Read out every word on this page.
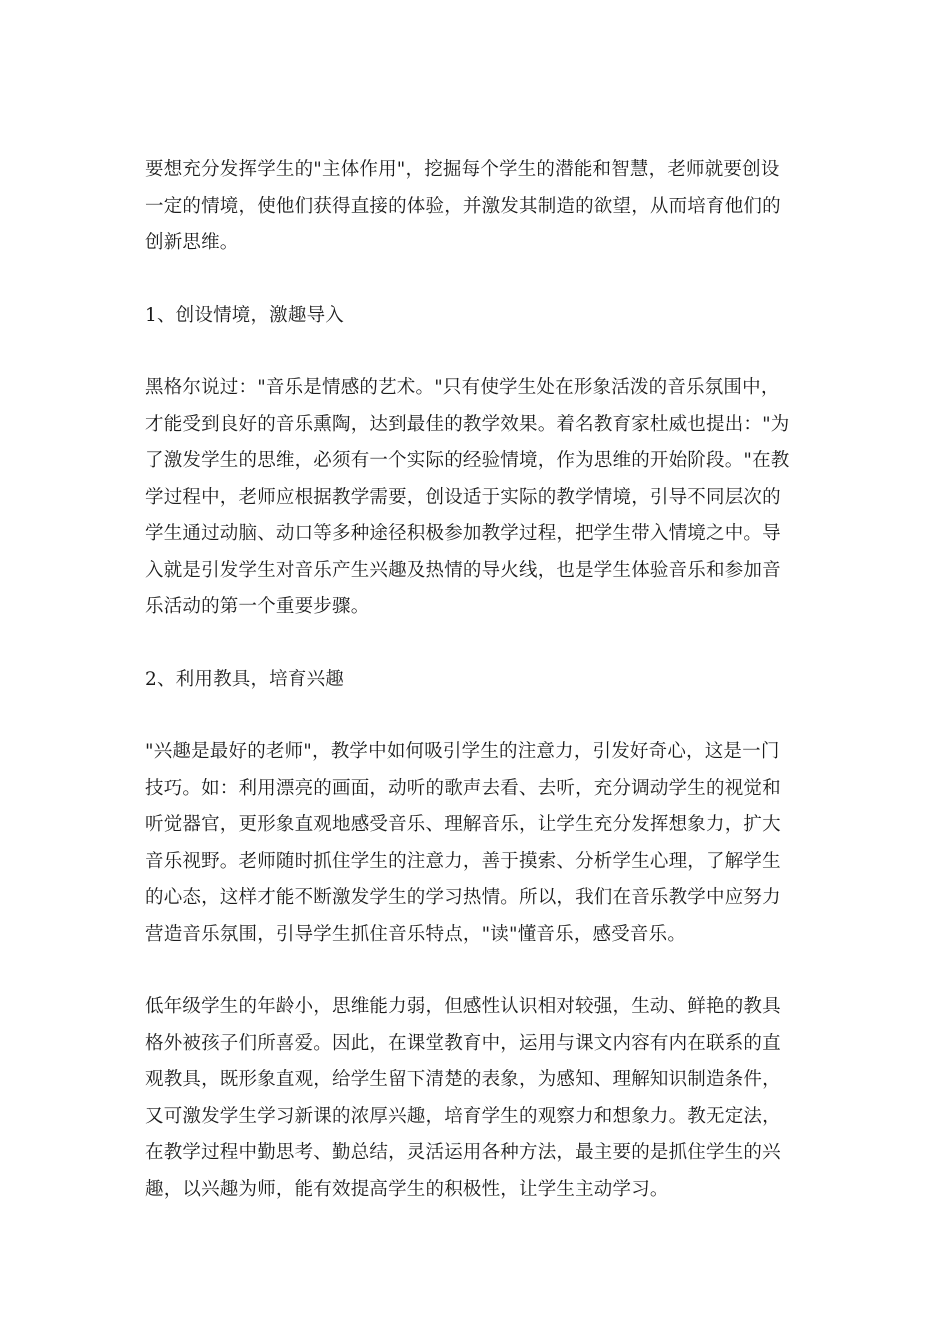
要想充分发挥学生的"主体作用"，挖掘每个学生的潜能和智慧，老师就要创设
一定的情境，使他们获得直接的体验，并激发其制造的欲望，从而培育他们的
创新思维。

1、创设情境，激趣导入

黑格尔说过："音乐是情感的艺术。"只有使学生处在形象活泼的音乐氛围中，
才能受到良好的音乐熏陶，达到最佳的教学效果。着名教育家杜威也提出："为
了激发学生的思维，必须有一个实际的经验情境，作为思维的开始阶段。"在教
学过程中，老师应根据教学需要，创设适于实际的教学情境，引导不同层次的
学生通过动脑、动口等多种途径积极参加教学过程，把学生带入情境之中。导
入就是引发学生对音乐产生兴趣及热情的导火线，也是学生体验音乐和参加音
乐活动的第一个重要步骤。

2、利用教具，培育兴趣

"兴趣是最好的老师"，教学中如何吸引学生的注意力，引发好奇心，这是一门
技巧。如：利用漂亮的画面，动听的歌声去看、去听，充分调动学生的视觉和
听觉器官，更形象直观地感受音乐、理解音乐，让学生充分发挥想象力，扩大
音乐视野。老师随时抓住学生的注意力，善于摸索、分析学生心理，了解学生
的心态，这样才能不断激发学生的学习热情。所以，我们在音乐教学中应努力
营造音乐氛围，引导学生抓住音乐特点，"读"懂音乐，感受音乐。

低年级学生的年龄小，思维能力弱，但感性认识相对较强，生动、鲜艳的教具
格外被孩子们所喜爱。因此，在课堂教育中，运用与课文内容有内在联系的直
观教具，既形象直观，给学生留下清楚的表象，为感知、理解知识制造条件，
又可激发学生学习新课的浓厚兴趣，培育学生的观察力和想象力。教无定法，
在教学过程中勤思考、勤总结，灵活运用各种方法，最主要的是抓住学生的兴
趣，以兴趣为师，能有效提高学生的积极性，让学生主动学习。
